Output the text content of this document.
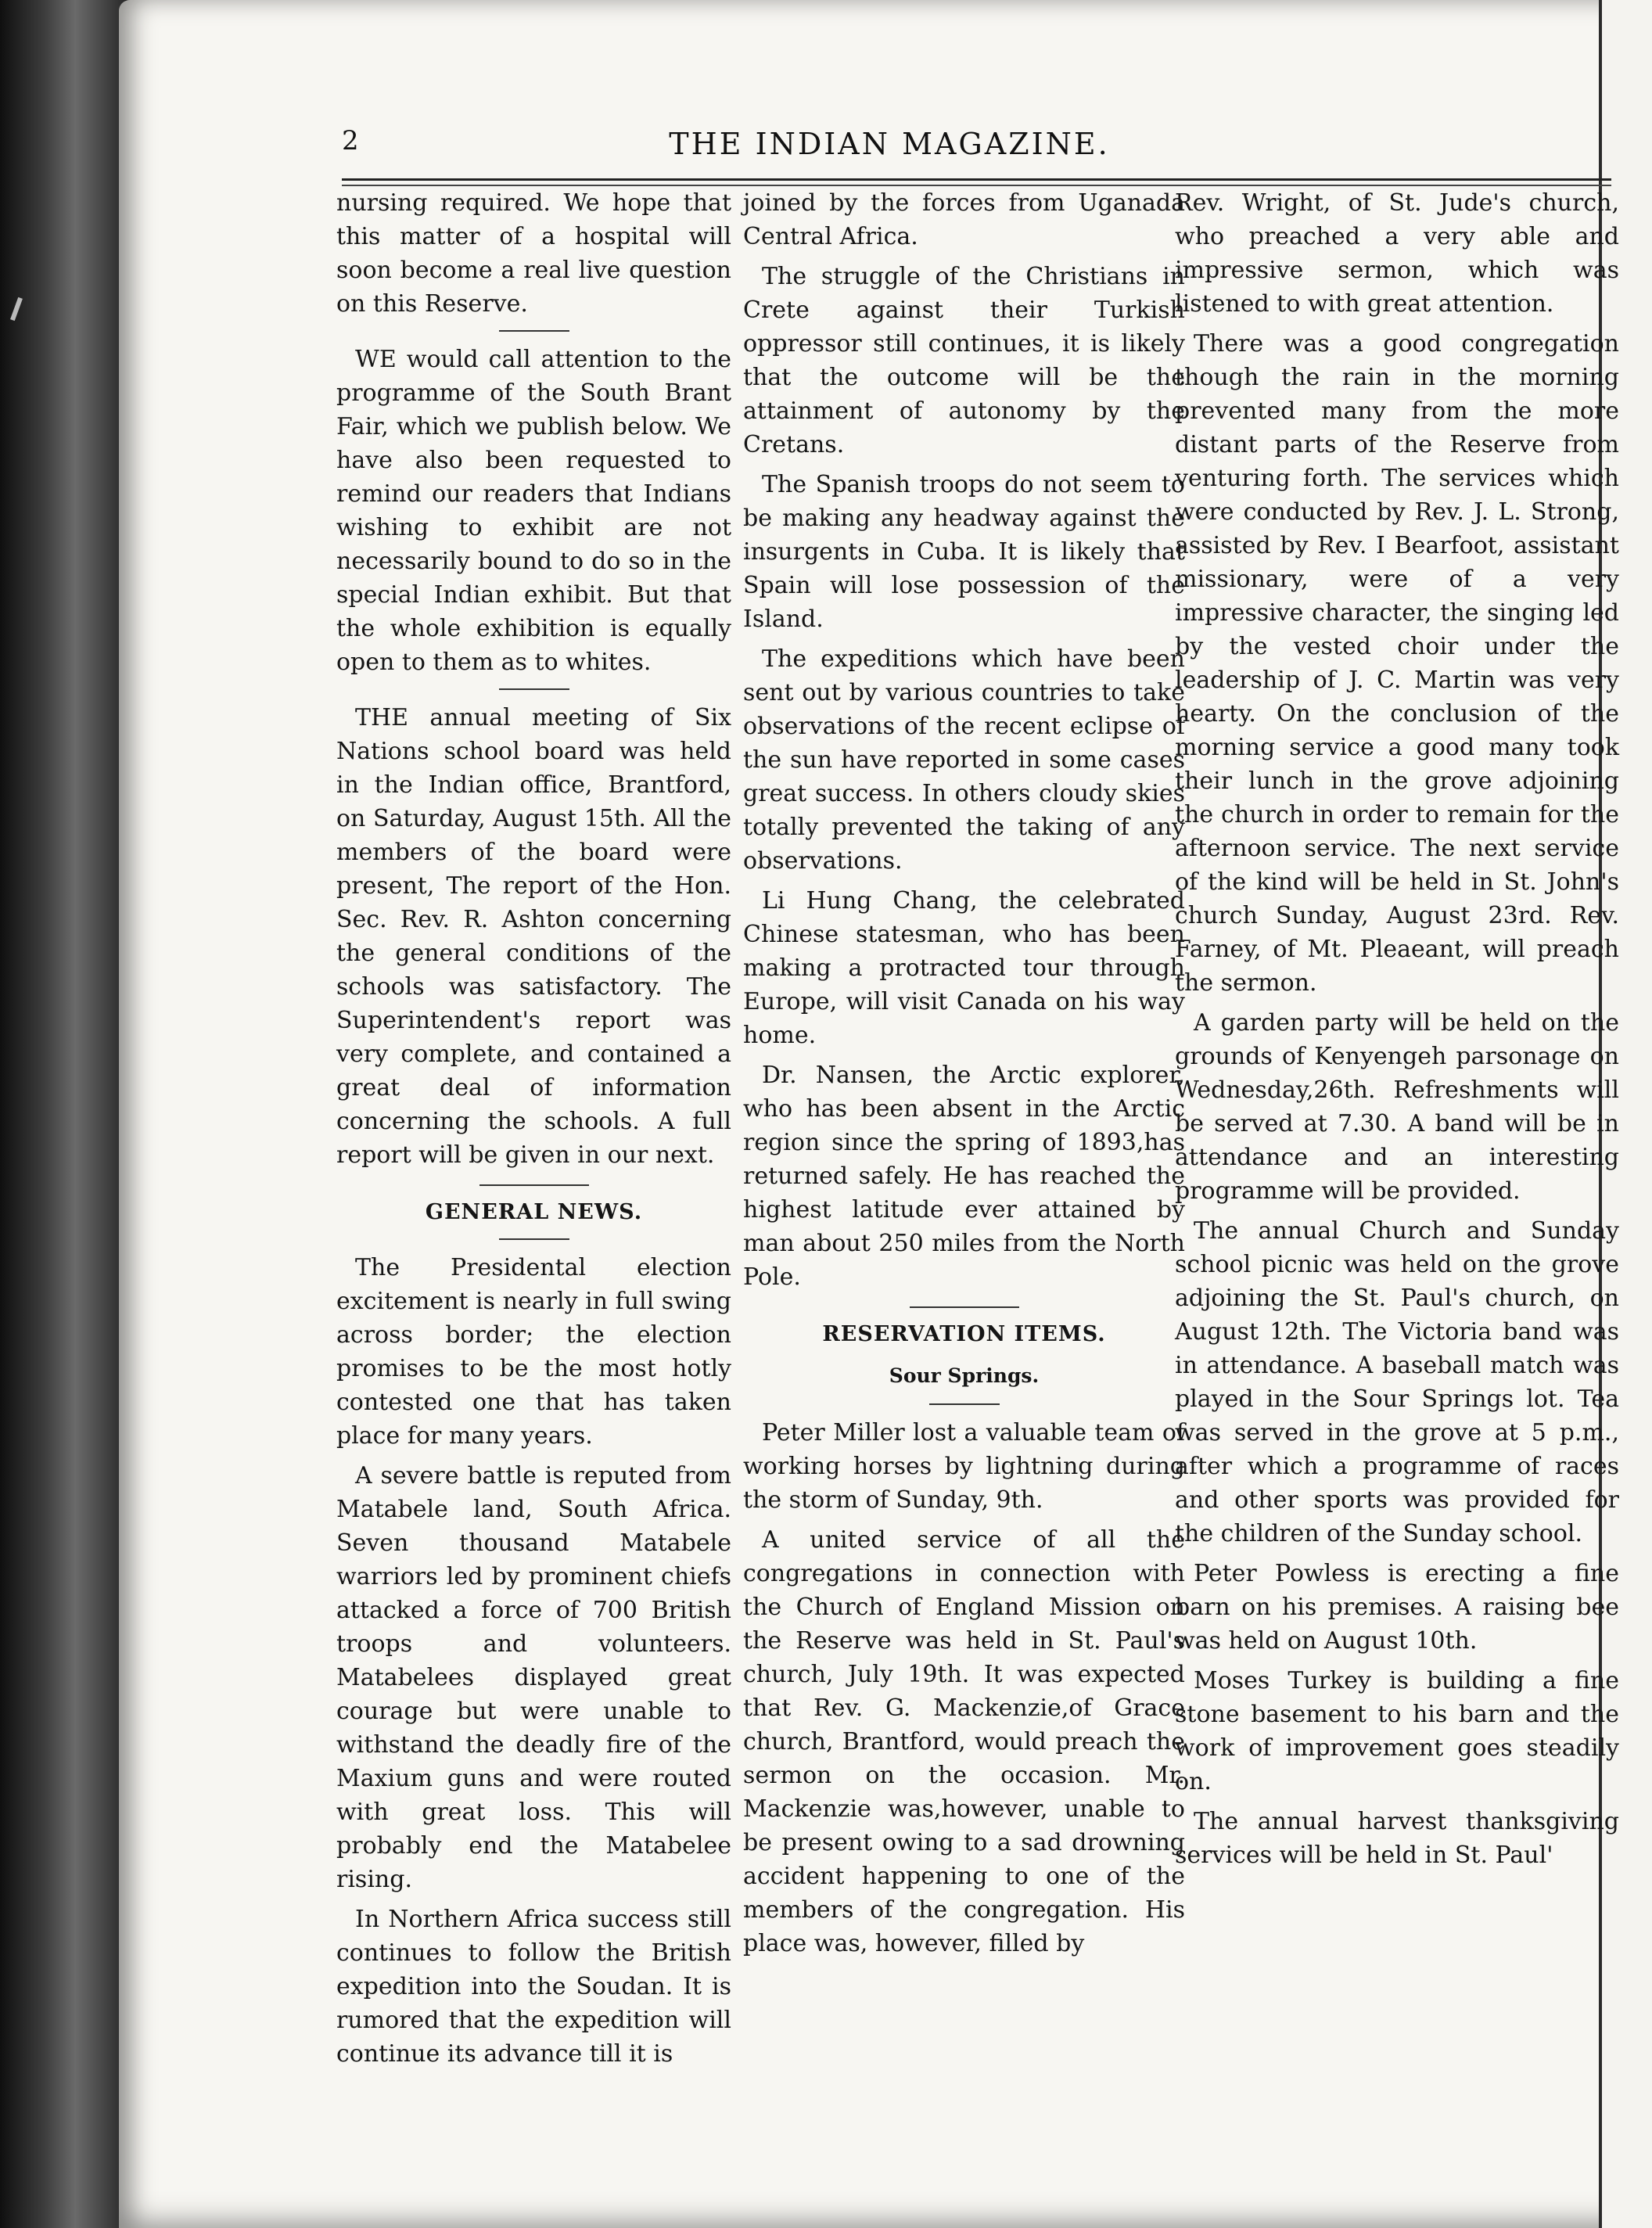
2	THE INDIAN MAGAZINE.

nursing required. We hope that this matter of a hospital will soon become a real live question on this Reserve.

WE would call attention to the programme of the South Brant Fair, which we publish below. We have also been requested to remind our readers that Indians wishing to exhibit are not necessarily bound to do so in the special Indian exhibit. But that the whole exhibition is equally open to them as to whites.

THE annual meeting of Six Nations school board was held in the Indian office, Brantford, on Saturday, August 15th. All the members of the board were present, The report of the Hon. Sec. Rev. R. Ashton concerning the general conditions of the schools was satisfactory. The Superintendent's report was very complete, and contained a great deal of information concerning the schools. A full report will be given in our next.

GENERAL NEWS.

The Presidental election excitement is nearly in full swing across border; the election promises to be the most hotly contested one that has taken place for many years.

A severe battle is reputed from Matabele land, South Africa. Seven thousand Matabele warriors led by prominent chiefs attacked a force of 700 British troops and volunteers. Matabelees displayed great courage but were unable to withstand the deadly fire of the Maxium guns and were routed with great loss. This will probably end the Matabelee rising.

In Northern Africa success still continues to follow the British expedition into the Soudan. It is rumored that the expedition will continue its advance till it is

joined by the forces from Uganada Central Africa.

The struggle of the Christians in Crete against their Turkish oppressor still continues, it is likely that the outcome will be the attainment of autonomy by the Cretans.

The Spanish troops do not seem to be making any headway against the insurgents in Cuba. It is likely that Spain will lose possession of the Island.

The expeditions which have been sent out by various countries to take observations of the recent eclipse of the sun have reported in some cases great success. In others cloudy skies totally prevented the taking of any observations.

Li Hung Chang, the celebrated Chinese statesman, who has been making a protracted tour through Europe, will visit Canada on his way home.

Dr. Nansen, the Arctic explorer, who has been absent in the Arctic region since the spring of 1893,has returned safely. He has reached the highest latitude ever attained by man about 250 miles from the North Pole.

RESERVATION ITEMS.
Sour Springs.

Peter Miller lost a valuable team of working horses by lightning during the storm of Sunday, 9th.

A united service of all the congregations in connection with the Church of England Mission on the Reserve was held in St. Paul's church, July 19th. It was expected that Rev. G. Mackenzie,of Grace church, Brantford, would preach the sermon on the occasion. Mr. Mackenzie was,however, unable to be present owing to a sad drowning accident happening to one of the members of the congregation. His place was, however, filled by

Rev. Wright, of St. Jude's church, who preached a very able and impressive sermon, which was listened to with great attention.

There was a good congregation though the rain in the morning prevented many from the more distant parts of the Reserve from venturing forth. The services which were conducted by Rev. J. L. Strong, assisted by Rev. I Bearfoot, assistant missionary, were of a very impressive character, the singing led by the vested choir under the leadership of J. C. Martin was very hearty. On the conclusion of the morning service a good many took their lunch in the grove adjoining the church in order to remain for the afternoon service. The next service of the kind will be held in St. John's church Sunday, August 23rd. Rev. Farney, of Mt. Pleaeant, will preach the sermon.

A garden party will be held on the grounds of Kenyengeh parsonage on Wednesday,26th. Refreshments will be served at 7.30. A band will be in attendance and an interesting programme will be provided.

The annual Church and Sunday school picnic was held on the grove adjoining the St. Paul's church, on August 12th. The Victoria band was in attendance. A baseball match was played in the Sour Springs lot. Tea was served in the grove at 5 p.m., after which a programme of races and other sports was provided for the children of the Sunday school.

Peter Powless is erecting a fine barn on his premises. A raising bee was held on August 10th.

Moses Turkey is building a fine stone basement to his barn and the work of improvement goes steadily on.

The annual harvest thanksgiving services will be held in St. Paul'
